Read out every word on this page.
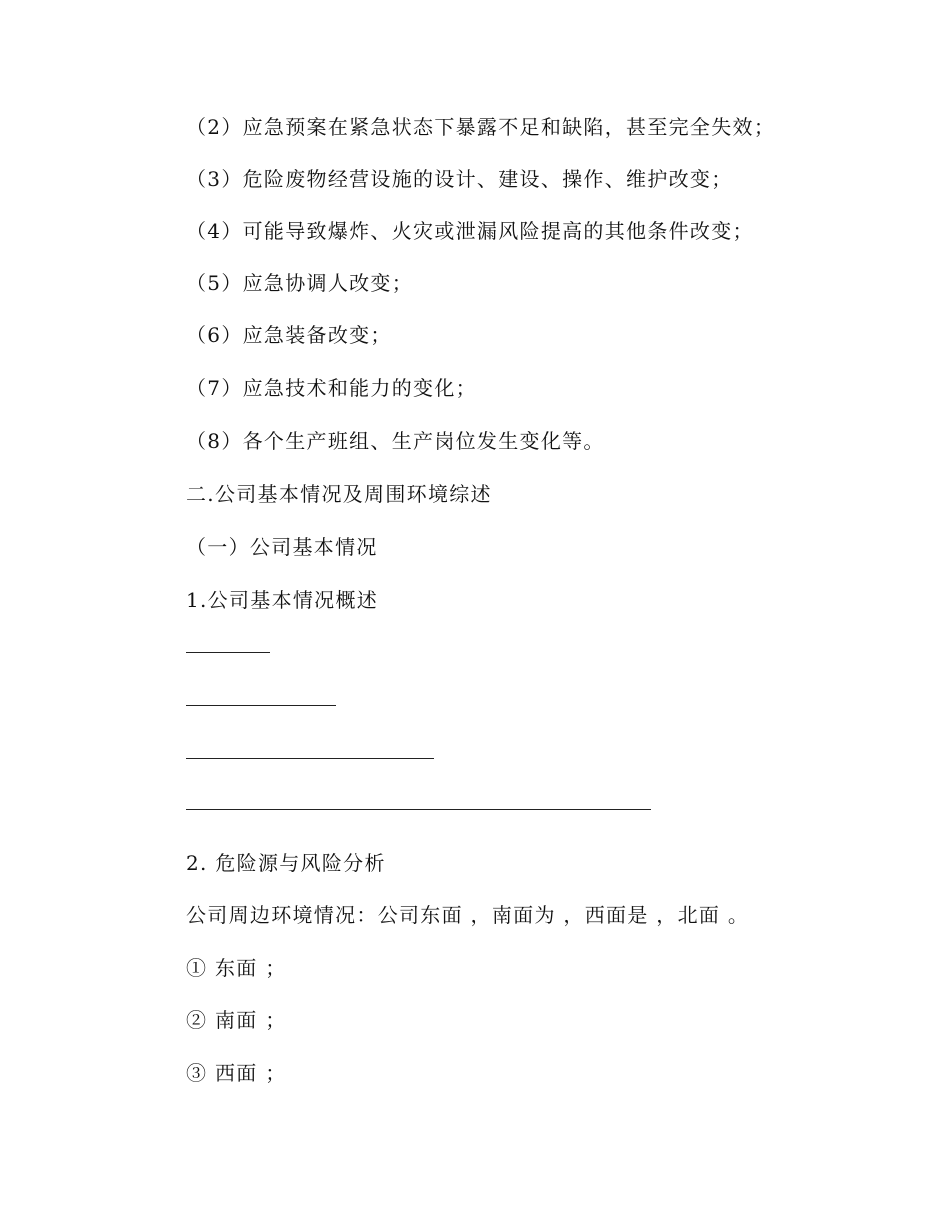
（2）应急预案在紧急状态下暴露不足和缺陷，甚至完全失效；
（3）危险废物经营设施的设计、建设、操作、维护改变；
（4）可能导致爆炸、火灾或泄漏风险提高的其他条件改变；
（5）应急协调人改变；
（6）应急装备改变；
（7）应急技术和能力的变化；
（8）各个生产班组、生产岗位发生变化等。
二.公司基本情况及周围环境综述
（一）公司基本情况
1.公司基本情况概述
2. 危险源与风险分析
公司周边环境情况：公司东面 ，南面为 ，西面是 ，北面 。
① 东面 ；
② 南面 ；
③ 西面 ；
